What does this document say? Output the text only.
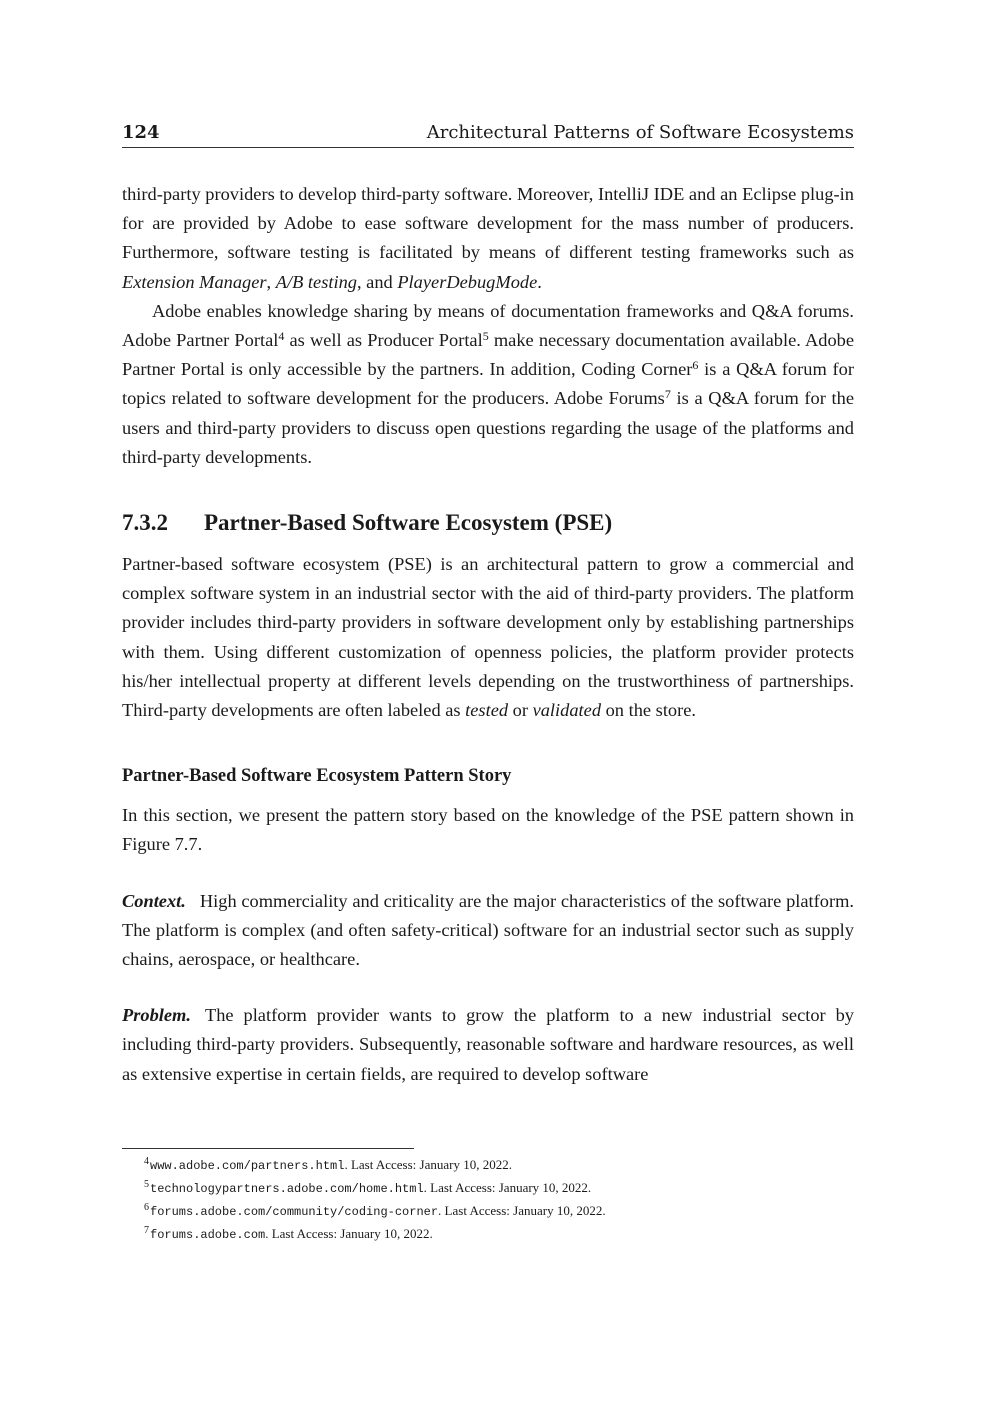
124	Architectural Patterns of Software Ecosystems

third-party providers to develop third-party software. Moreover, IntelliJ IDE and an Eclipse plug-in for are provided by Adobe to ease software development for the mass number of producers. Furthermore, software testing is facilitated by means of different testing frameworks such as Extension Manager, A/B testing, and PlayerDebugMode.

Adobe enables knowledge sharing by means of documentation frameworks and Q&A forums. Adobe Partner Portal$^4$ as well as Producer Portal$^5$ make necessary documentation available. Adobe Partner Portal is only accessible by the partners. In addition, Coding Corner$^6$ is a Q&A forum for topics related to software development for the producers. Adobe Forums$^7$ is a Q&A forum for the users and third-party providers to discuss open questions regarding the usage of the platforms and third-party developments.

7.3.2 Partner-Based Software Ecosystem (PSE)

Partner-based software ecosystem (PSE) is an architectural pattern to grow a commercial and complex software system in an industrial sector with the aid of third-party providers. The platform provider includes third-party providers in software development only by establishing partnerships with them. Using different customization of openness policies, the platform provider protects his/her intellectual property at different levels depending on the trustworthiness of partnerships. Third-party developments are often labeled as tested or validated on the store.

Partner-Based Software Ecosystem Pattern Story

In this section, we present the pattern story based on the knowledge of the PSE pattern shown in Figure 7.7.

Context. High commerciality and criticality are the major characteristics of the software platform. The platform is complex (and often safety-critical) software for an industrial sector such as supply chains, aerospace, or healthcare.

Problem. The platform provider wants to grow the platform to a new industrial sector by including third-party providers. Subsequently, reasonable software and hardware resources, as well as extensive expertise in certain fields, are required to develop software

$^4$www.adobe.com/partners.html. Last Access: January 10, 2022.
$^5$technologypartners.adobe.com/home.html. Last Access: January 10, 2022.
$^6$forums.adobe.com/community/coding-corner. Last Access: January 10, 2022.
$^7$forums.adobe.com. Last Access: January 10, 2022.
